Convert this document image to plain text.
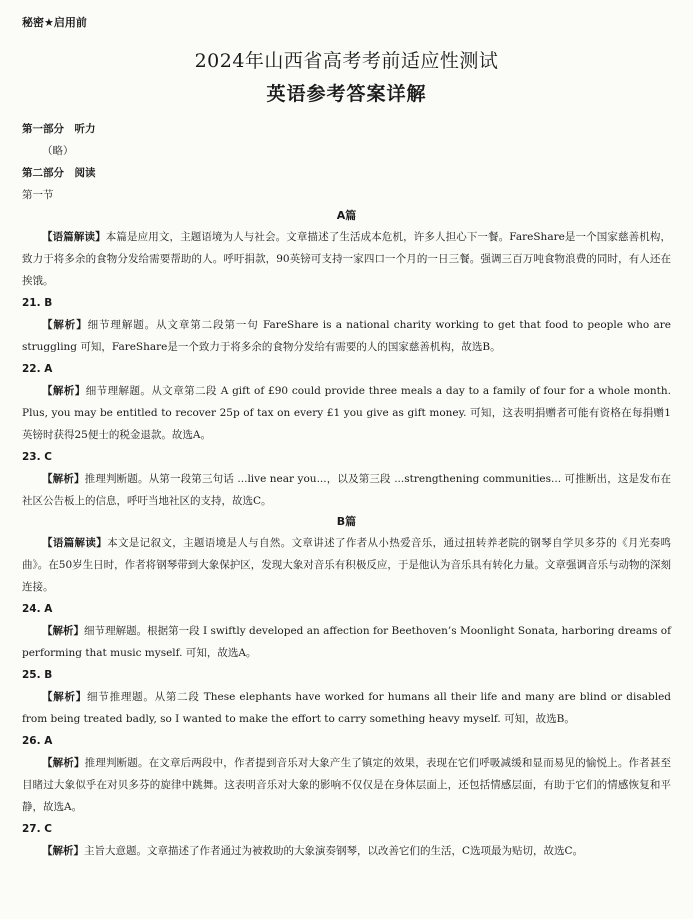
秘密★启用前
2024年山西省高考考前适应性测试
英语参考答案详解
第一部分　听力
（略）
第二部分　阅读
第一节
A篇

【语篇解读】本篇是应用文，主题语境为人与社会。文章描述了生活成本危机，许多人担心下一餐。FareShare是一个国家慈善机构，致力于将多余的食物分发给需要帮助的人。呼吁捐款，90英镑可支持一家四口一个月的一日三餐。强调三百万吨食物浪费的同时，有人还在挨饿。

21. B

【解析】细节理解题。从文章第二段第一句 FareShare is a national charity working to get that food to people who are struggling 可知，FareShare是一个致力于将多余的食物分发给有需要的人的国家慈善机构，故选B。

22. A

【解析】细节理解题。从文章第二段 A gift of £90 could provide three meals a day to a family of four for a whole month. Plus, you may be entitled to recover 25p of tax on every £1 you give as gift money. 可知，这表明捐赠者可能有资格在每捐赠1英镑时获得25便士的税金退款。故选A。

23. C

【解析】推理判断题。从第一段第三句话 ...live near you...，以及第三段 ...strengthening communities... 可推断出，这是发布在社区公告板上的信息，呼吁当地社区的支持，故选C。

B篇

【语篇解读】本文是记叙文，主题语境是人与自然。文章讲述了作者从小热爱音乐，通过扭转养老院的钢琴自学贝多芬的《月光奏鸣曲》。在50岁生日时，作者将钢琴带到大象保护区，发现大象对音乐有积极反应，于是他认为音乐具有转化力量。文章强调音乐与动物的深刻连接。

24. A

【解析】细节理解题。根据第一段 I swiftly developed an affection for Beethoven’s Moonlight Sonata, harboring dreams of performing that music myself. 可知，故选A。

25. B

【解析】细节推理题。从第二段 These elephants have worked for humans all their life and many are blind or disabled from being treated badly, so I wanted to make the effort to carry something heavy myself. 可知，故选B。

26. A

【解析】推理判断题。在文章后两段中，作者提到音乐对大象产生了镇定的效果，表现在它们呼吸减缓和显而易见的愉悦上。作者甚至目睹过大象似乎在对贝多芬的旋律中跳舞。这表明音乐对大象的影响不仅仅是在身体层面上，还包括情感层面，有助于它们的情感恢复和平静，故选A。

27. C

【解析】主旨大意题。文章描述了作者通过为被救助的大象演奏钢琴，以改善它们的生活，C选项最为贴切，故选C。
